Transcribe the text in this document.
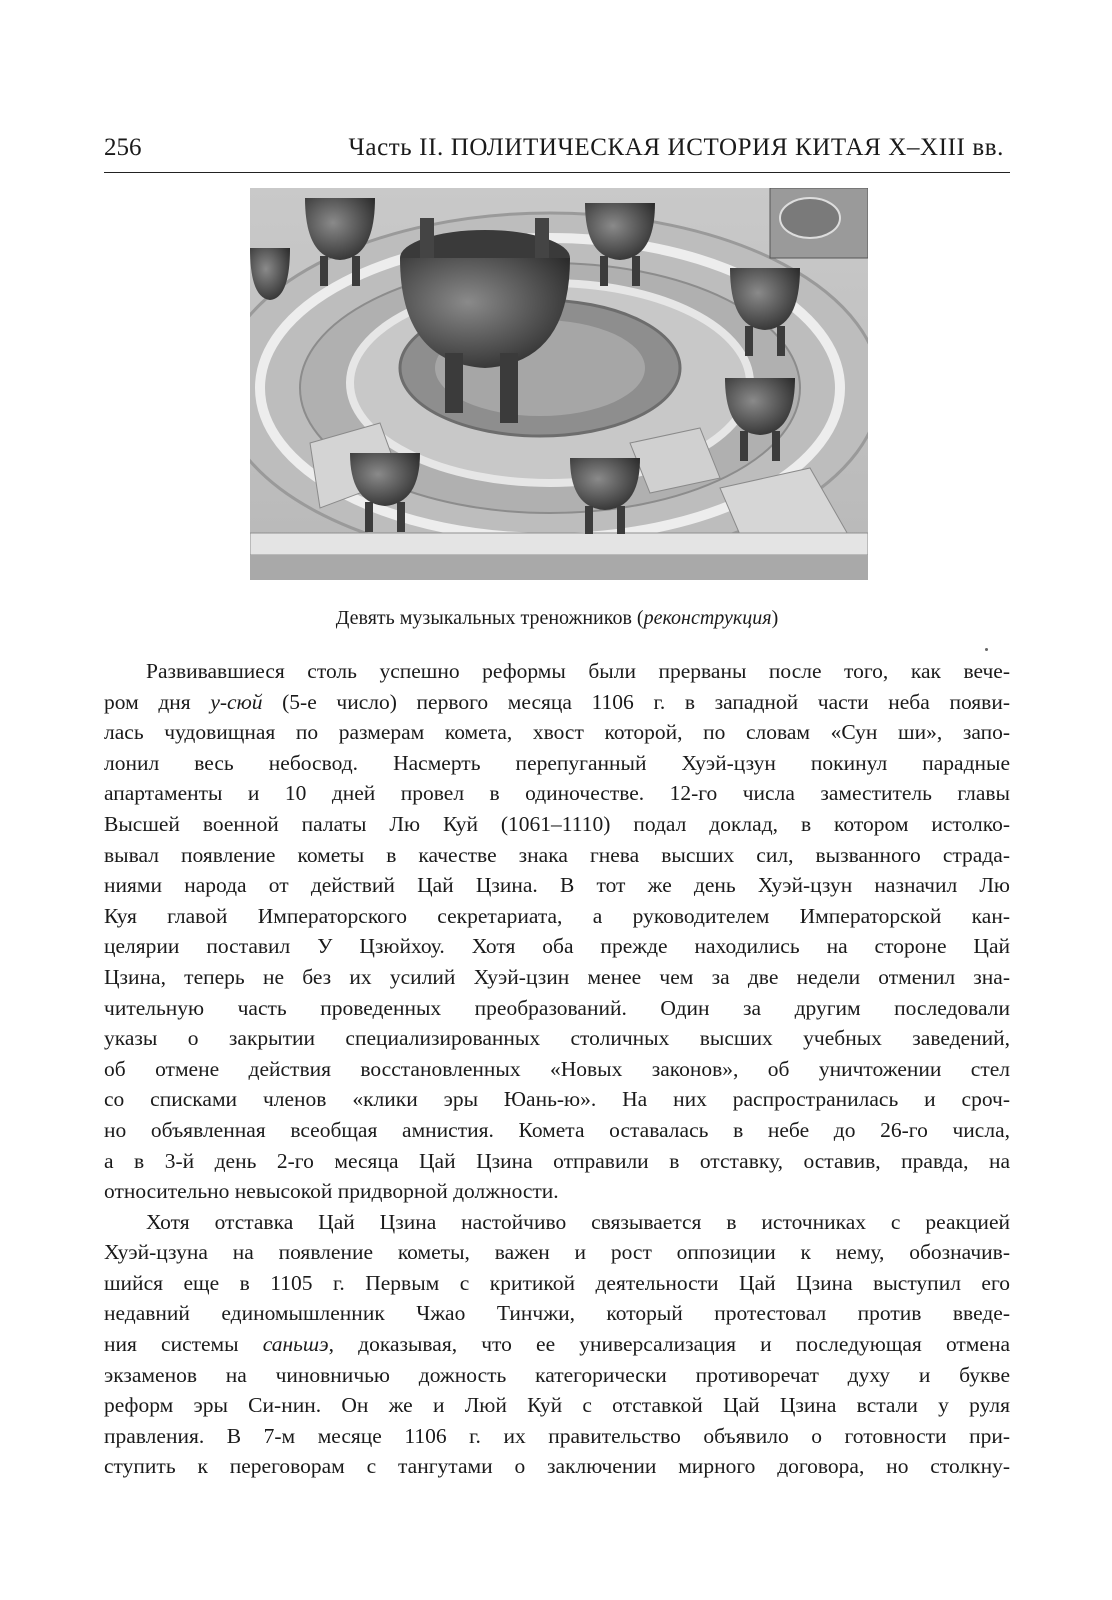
256	Часть II. ПОЛИТИЧЕСКАЯ ИСТОРИЯ КИТАЯ X–XIII вв.
Девять музыкальных треножников (реконструкция)

Развивавшиеся столь успешно реформы были прерваны после того, как вече-
ром дня у-сюй (5-е число) первого месяца 1106 г. в западной части неба появи-
лась чудовищная по размерам комета, хвост которой, по словам «Сун ши», запо-
лонил весь небосвод. Насмерть перепуганный Хуэй-цзун покинул парадные
апартаменты и 10 дней провел в одиночестве. 12-го числа заместитель главы
Высшей военной палаты Лю Куй (1061–1110) подал доклад, в котором истолко-
вывал появление кометы в качестве знака гнева высших сил, вызванного страда-
ниями народа от действий Цай Цзина. В тот же день Хуэй-цзун назначил Лю
Куя главой Императорского секретариата, а руководителем Императорской кан-
целярии поставил У Цзюйхоу. Хотя оба прежде находились на стороне Цай
Цзина, теперь не без их усилий Хуэй-цзин менее чем за две недели отменил зна-
чительную часть проведенных преобразований. Один за другим последовали
указы о закрытии специализированных столичных высших учебных заведений,
об отмене действия восстановленных «Новых законов», об уничтожении стел
со списками членов «клики эры Юань-ю». На них распространилась и сроч-
но объявленная всеобщая амнистия. Комета оставалась в небе до 26-го числа,
а в 3-й день 2-го месяца Цай Цзина отправили в отставку, оставив, правда, на
относительно невысокой придворной должности.

Хотя отставка Цай Цзина настойчиво связывается в источниках с реакцией
Хуэй-цзуна на появление кометы, важен и рост оппозиции к нему, обозначив-
шийся еще в 1105 г. Первым с критикой деятельности Цай Цзина выступил его
недавний единомышленник Чжао Тинчжи, который протестовал против введе-
ния системы саньшэ, доказывая, что ее универсализация и последующая отмена
экзаменов на чиновничью дожность категорически противоречат духу и букве
реформ эры Си-нин. Он же и Люй Куй с отставкой Цай Цзина встали у руля
правления. В 7-м месяце 1106 г. их правительство объявило о готовности при-
ступить к переговорам с тангутами о заключении мирного договора, но столкну-
